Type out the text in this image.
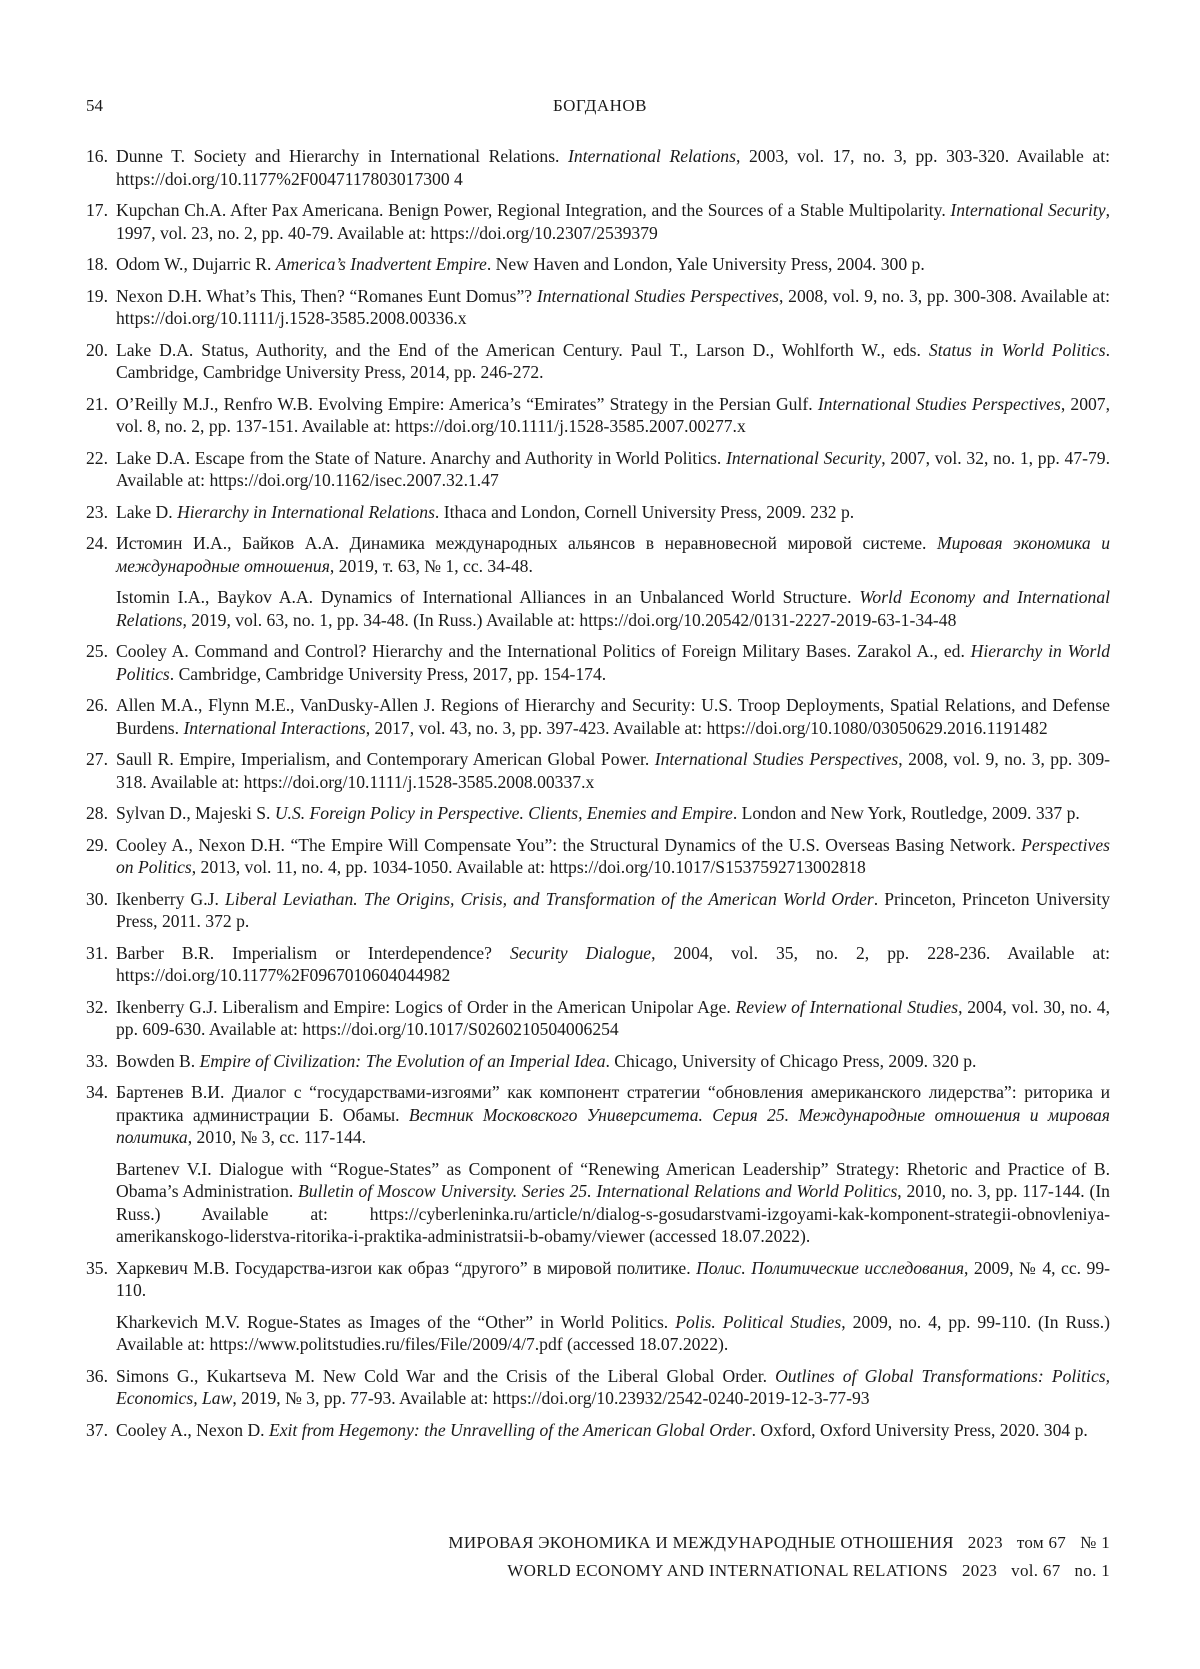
54	БОГДАНОВ
16. Dunne T. Society and Hierarchy in International Relations. International Relations, 2003, vol. 17, no. 3, pp. 303-320. Available at: https://doi.org/10.1177%2F0047117803017300 4
17. Kupchan Ch.A. After Pax Americana. Benign Power, Regional Integration, and the Sources of a Stable Multipolarity. International Security, 1997, vol. 23, no. 2, pp. 40-79. Available at: https://doi.org/10.2307/2539379
18. Odom W., Dujarric R. America’s Inadvertent Empire. New Haven and London, Yale University Press, 2004. 300 p.
19. Nexon D.H. What’s This, Then? “Romanes Eunt Domus”? International Studies Perspectives, 2008, vol. 9, no. 3, pp. 300-308. Available at: https://doi.org/10.1111/j.1528-3585.2008.00336.x
20. Lake D.A. Status, Authority, and the End of the American Century. Paul T., Larson D., Wohlforth W., eds. Status in World Politics. Cambridge, Cambridge University Press, 2014, pp. 246-272.
21. O’Reilly M.J., Renfro W.B. Evolving Empire: America’s “Emirates” Strategy in the Persian Gulf. International Studies Perspectives, 2007, vol. 8, no. 2, pp. 137-151. Available at: https://doi.org/10.1111/j.1528-3585.2007.00277.x
22. Lake D.A. Escape from the State of Nature. Anarchy and Authority in World Politics. International Security, 2007, vol. 32, no. 1, pp. 47-79. Available at: https://doi.org/10.1162/isec.2007.32.1.47
23. Lake D. Hierarchy in International Relations. Ithaca and London, Cornell University Press, 2009. 232 p.
24. Истомин И.А., Байков А.А. Динамика международных альянсов в неравновесной мировой системе. Мировая экономика и международные отношения, 2019, т. 63, № 1, сс. 34-48.
Istomin I.A., Baykov A.A. Dynamics of International Alliances in an Unbalanced World Structure. World Economy and International Relations, 2019, vol. 63, no. 1, pp. 34-48. (In Russ.) Available at: https://doi.org/10.20542/0131-2227-2019-63-1-34-48
25. Cooley A. Command and Control? Hierarchy and the International Politics of Foreign Military Bases. Zarakol A., ed. Hierarchy in World Politics. Cambridge, Cambridge University Press, 2017, pp. 154-174.
26. Allen M.A., Flynn M.E., VanDusky-Allen J. Regions of Hierarchy and Security: U.S. Troop Deployments, Spatial Relations, and Defense Burdens. International Interactions, 2017, vol. 43, no. 3, pp. 397-423. Available at: https://doi.org/10.1080/03050629.2016.1191482
27. Saull R. Empire, Imperialism, and Contemporary American Global Power. International Studies Perspectives, 2008, vol. 9, no. 3, pp. 309-318. Available at: https://doi.org/10.1111/j.1528-3585.2008.00337.x
28. Sylvan D., Majeski S. U.S. Foreign Policy in Perspective. Clients, Enemies and Empire. London and New York, Routledge, 2009. 337 p.
29. Cooley A., Nexon D.H. “The Empire Will Compensate You”: the Structural Dynamics of the U.S. Overseas Basing Network. Perspectives on Politics, 2013, vol. 11, no. 4, pp. 1034-1050. Available at: https://doi.org/10.1017/S1537592713002818
30. Ikenberry G.J. Liberal Leviathan. The Origins, Crisis, and Transformation of the American World Order. Princeton, Princeton University Press, 2011. 372 p.
31. Barber B.R. Imperialism or Interdependence? Security Dialogue, 2004, vol. 35, no. 2, pp. 228-236. Available at: https://doi.org/10.1177%2F0967010604044982
32. Ikenberry G.J. Liberalism and Empire: Logics of Order in the American Unipolar Age. Review of International Studies, 2004, vol. 30, no. 4, pp. 609-630. Available at: https://doi.org/10.1017/S0260210504006254
33. Bowden B. Empire of Civilization: The Evolution of an Imperial Idea. Chicago, University of Chicago Press, 2009. 320 p.
34. Бартенев В.И. Диалог с “государствами-изгоями” как компонент стратегии “обновления американского лидерства”: риторика и практика администрации Б. Обамы. Вестник Московского Университета. Серия 25. Международные отношения и мировая политика, 2010, № 3, сс. 117-144.
Bartenev V.I. Dialogue with “Rogue-States” as Component of “Renewing American Leadership” Strategy: Rhetoric and Practice of B. Obama’s Administration. Bulletin of Moscow University. Series 25. International Relations and World Politics, 2010, no. 3, pp. 117-144. (In Russ.) Available at: https://cyberleninka.ru/article/n/dialog-s-gosudarstvami-izgoyami-kak-komponent-strategii-obnovleniya-amerikanskogo-liderstva-ritorika-i-praktika-administratsii-b-obamy/viewer (accessed 18.07.2022).
35. Харкевич М.В. Государства-изгои как образ “другого” в мировой политике. Полис. Политические исследования, 2009, № 4, сс. 99-110.
Kharkevich M.V. Rogue-States as Images of the “Other” in World Politics. Polis. Political Studies, 2009, no. 4, pp. 99-110. (In Russ.) Available at: https://www.politstudies.ru/files/File/2009/4/7.pdf (accessed 18.07.2022).
36. Simons G., Kukartseva M. New Cold War and the Crisis of the Liberal Global Order. Outlines of Global Transformations: Politics, Economics, Law, 2019, № 3, pp. 77-93. Available at: https://doi.org/10.23932/2542-0240-2019-12-3-77-93
37. Cooley A., Nexon D. Exit from Hegemony: the Unravelling of the American Global Order. Oxford, Oxford University Press, 2020. 304 p.
МИРОВАЯ ЭКОНОМИКА И МЕЖДУНАРОДНЫЕ ОТНОШЕНИЯ 2023 том 67 № 1
WORLD ECONOMY AND INTERNATIONAL RELATIONS 2023 vol. 67 no. 1
